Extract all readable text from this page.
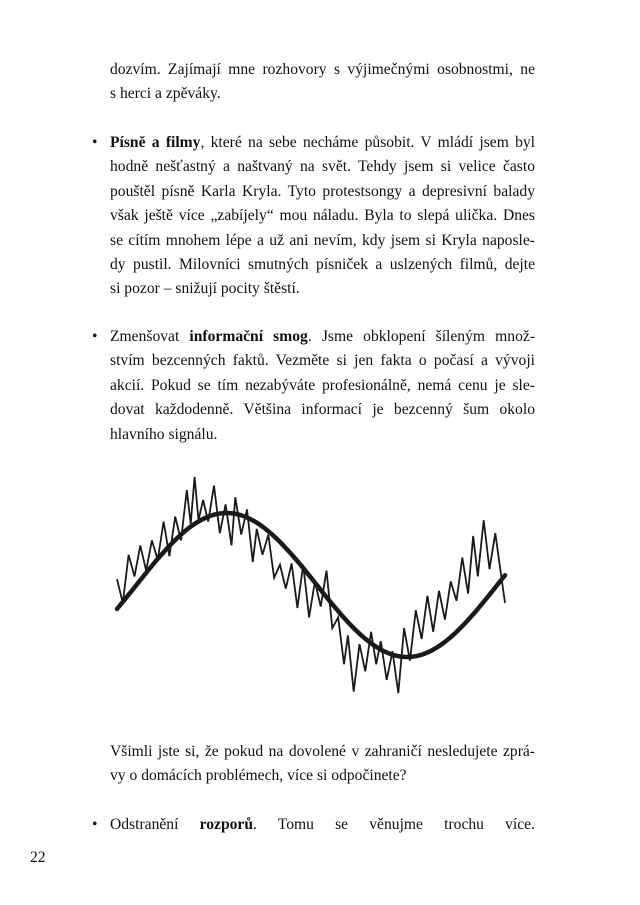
dozvím. Zajímají mne rozhovory s výjimečnými osobnostmi, ne
s herci a zpěváky.
• Písně a filmy, které na sebe necháme působit. V mládí jsem byl
hodně nešťastný a naštvaný na svět. Tehdy jsem si velice často
pouštěl písně Karla Kryla. Tyto protestsongy a depresivní balady
však ještě více „zabíjely“ mou náladu. Byla to slepá ulička. Dnes
se cítím mnohem lépe a už ani nevím, kdy jsem si Kryla naposle-
dy pustil. Milovníci smutných písniček a uslzených filmů, dejte
si pozor – snižují pocity štěstí.
• Zmenšovat informační smog. Jsme obklopení šíleným množ-
stvím bezcenných faktů. Vezměte si jen fakta o počasí a vývoji
akcií. Pokud se tím nezabýváte profesionálně, nemá cenu je sle-
dovat každodenně. Většina informací je bezcenný šum okolo
hlavního signálu.
Všimli jste si, že pokud na dovolené v zahraničí nesledujete zprá-
vy o domácích problémech, více si odpočinete?
• Odstranění rozporů. Tomu se věnujme trochu více.
22
